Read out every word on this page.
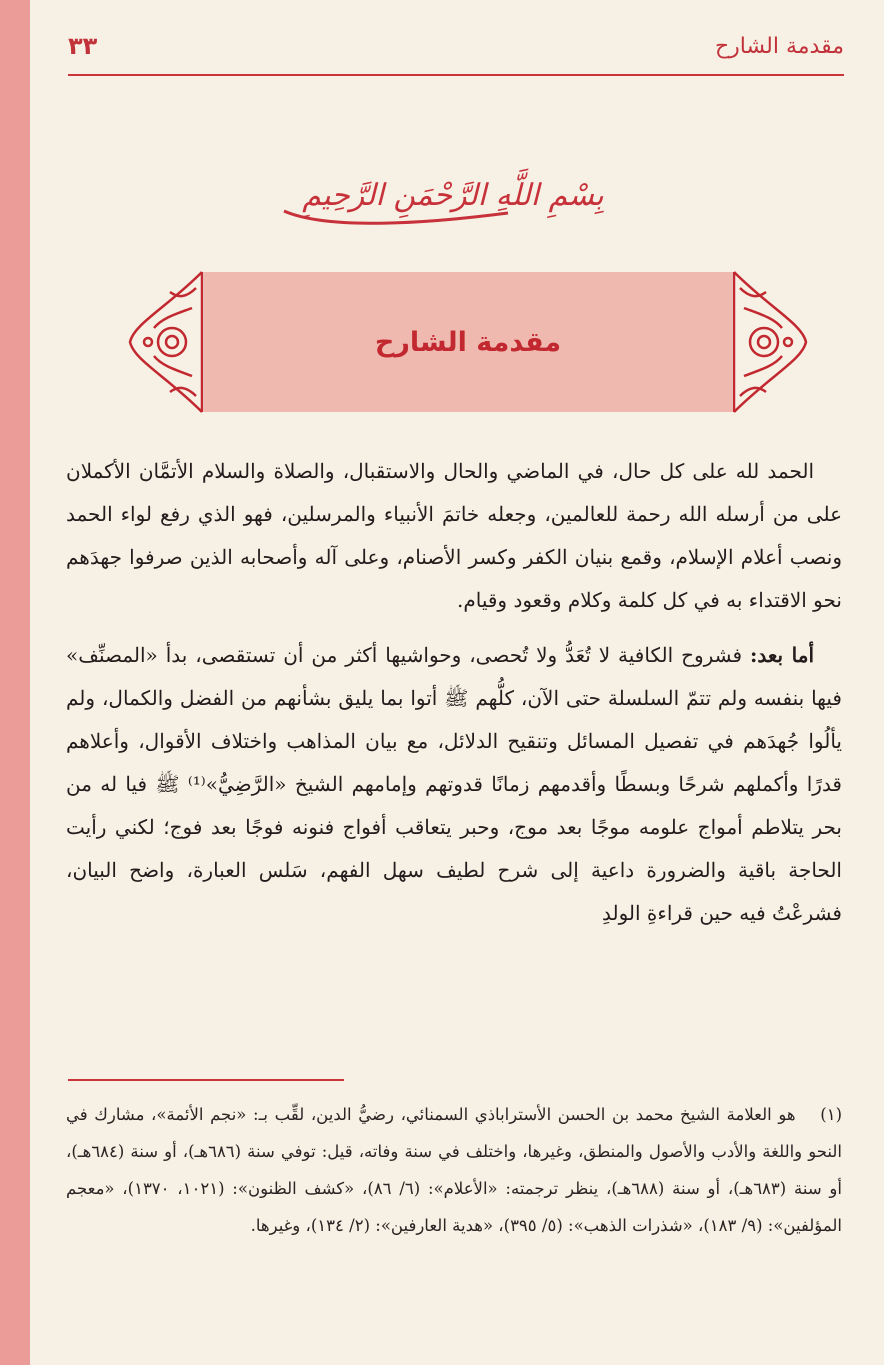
مقدمة الشارح
٣٣
بِسْمِ اللَّهِ الرَّحْمَنِ الرَّحِيمِ
مقدمة الشارح

الحمد لله على كل حال، في الماضي والحال والاستقبال، والصلاة والسلام الأتمَّان الأكملان على من أرسله الله رحمة للعالمين، وجعله خاتمَ الأنبياء والمرسلين، فهو الذي رفع لواء الحمد ونصب أعلام الإسلام، وقمع بنيان الكفر وكسر الأصنام، وعلى آله وأصحابه الذين صرفوا جهدَهم نحو الاقتداء به في كل كلمة وكلام وقعود وقيام.

أما بعد: فشروح الكافية لا تُعَدُّ ولا تُحصى، وحواشيها أكثر من أن تستقصى، بدأ «المصنِّف» فيها بنفسه ولم تتمّ السلسلة حتى الآن، كلُّهم ﷺ أتوا بما يليق بشأنهم من الفضل والكمال، ولم يألُوا جُهدَهم في تفصيل المسائل وتنقيح الدلائل، مع بيان المذاهب واختلاف الأقوال، وأعلاهم قدرًا وأكملهم شرحًا وبسطًا وأقدمهم زمانًا قدوتهم وإمامهم الشيخ «الرَّضِيُّ»⁽¹⁾ ﷺ فيا له من بحر يتلاطم أمواج علومه موجًا بعد موج، وحبر يتعاقب أفواج فنونه فوجًا بعد فوج؛ لكني رأيت الحاجة باقية والضرورة داعية إلى شرح لطيف سهل الفهم، سَلس العبارة، واضح البيان، فشرعْتُ فيه حين قراءةِ الولدِ

(١) هو العلامة الشيخ محمد بن الحسن الأستراباذي السمنائي، رضيُّ الدين، لقِّب بـ: «نجم الأئمة»، مشارك في النحو واللغة والأدب والأصول والمنطق، وغيرها، واختلف في سنة وفاته، قيل: توفي سنة (٦٨٦هـ)، أو سنة (٦٨٤هـ)، أو سنة (٦٨٣هـ)، أو سنة (٦٨٨هـ)، ينظر ترجمته: «الأعلام»: (٦/ ٨٦)، «كشف الظنون»: (١٠٢١، ١٣٧٠)، «معجم المؤلفين»: (٩/ ١٨٣)، «شذرات الذهب»: (٥/ ٣٩٥)، «هدية العارفين»: (٢/ ١٣٤)، وغيرها.
